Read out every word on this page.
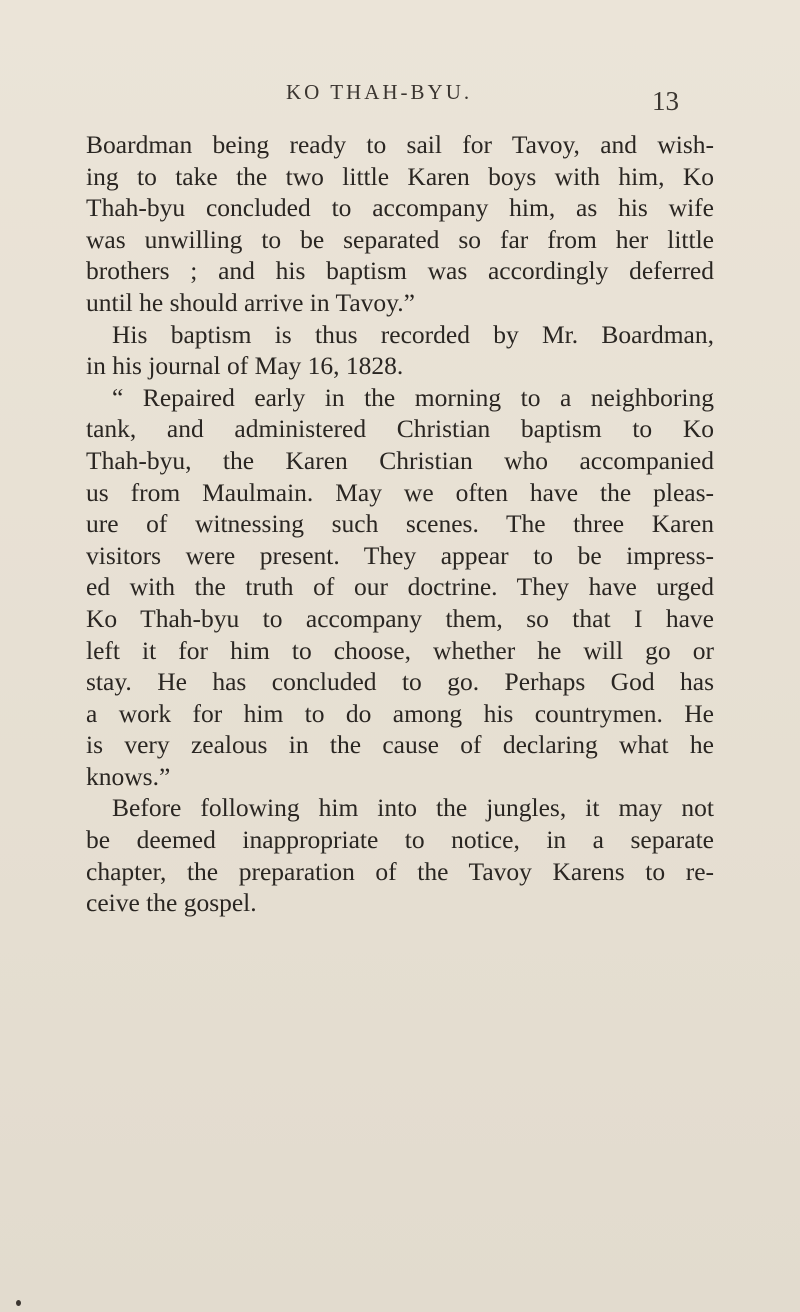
KO THAH-BYU.	13
Boardman being ready to sail for Tavoy, and wish-
ing to take the two little Karen boys with him, Ko
Thah-byu concluded to accompany him, as his wife
was unwilling to be separated so far from her little
brothers ; and his baptism was accordingly deferred
until he should arrive in Tavoy.”
His baptism is thus recorded by Mr. Boardman,
in his journal of May 16, 1828.
“ Repaired early in the morning to a neighboring
tank, and administered Christian baptism to Ko
Thah-byu, the Karen Christian who accompanied
us from Maulmain. May we often have the pleas-
ure of witnessing such scenes. The three Karen
visitors were present. They appear to be impress-
ed with the truth of our doctrine. They have urged
Ko Thah-byu to accompany them, so that I have
left it for him to choose, whether he will go or
stay. He has concluded to go. Perhaps God has
a work for him to do among his countrymen. He
is very zealous in the cause of declaring what he
knows.”
Before following him into the jungles, it may not
be deemed inappropriate to notice, in a separate
chapter, the preparation of the Tavoy Karens to re-
ceive the gospel.
